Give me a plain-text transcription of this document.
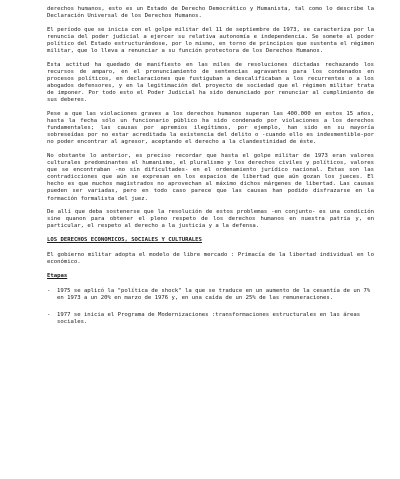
derechos humanos, esto es un Estado de Derecho Democrático y Humanista, tal como lo describe la Declaración Universal de los Derechos Humanos.

El período que se inicia con el golpe militar del 11 de septiembre de 1973, se caracteriza por la renuncia del poder judicial a ejercer su relativa autonomía e independencia. Se somete al poder político del Estado estructurándose, por lo mismo, en torno de principios que sustenta el régimen militar, que lo lleva a renunciar a su función protectora de los Derechos Humanos.

Esta actitud ha quedado de manifiesto en las miles de resoluciones dictadas rechazando los recursos de amparo, en el pronunciamiento de sentencias agravantes para los condenados en procesos políticos, en declaraciones que fustiguban a descalificaban a los recurrentes o a los abogados defensores, y en la legitimación del proyecto de sociedad que el régimen militar trata de imponer. Por todo esto el Poder Judicial ha sido denunciado por renunciar al cumplimiento de sus deberes.

Pese a que las violaciones graves a los derechos humanos superan las 400.000 en estos 15 años, hasta la fecha sólo un funcionario público ha sido condenado por violaciones a los derechos fundamentales; las causas por apremios ilegítimos, por ejemplo, han sido en su mayoría sobreseídas por no estar acreditada la existencia del delito o -cuando ello es indesmentible-por no poder encontrar al agresor, aceptando el derecho a la clandestinidad de éste.

No obstante lo anterior, es preciso recordar que hasta el golpe militar de 1973 eran valores culturales predominantes el humanismo, el pluralismo y los derechos civiles y políticos, valores que se encontraban -no sin dificultades- en el ordenamiento jurídico nacional. Estas son las contradicciones que aún se expresan en los espacios de libertad que aún gozan los jueces. El hecho es que muchos magistrados no aprovechan al máximo dichos márgenes de libertad. Las causas pueden ser variadas, pero en todo caso parece que las causas han podido disfrazarse en la formación formalista del juez.

De allí que deba sostenerse que la resolución de estos problemas -en conjunto- es una condición sine quanon para obtener el pleno respeto de los derechos humanos en nuestra patria y, en particular, el respeto al derecho a la justicia y a la defensa.

LOS DERECHOS ECONOMICOS, SOCIALES Y CULTURALES

El gobierno militar adopta el modelo de libre mercado : Primacía de la libertad individual en lo económico.

Etapas
- 1975 se aplicó la "política de shock" la que se traduce en un aumento de la cesantía de un 7% en 1973 a un 20% en marzo de 1976 y, en una caída de un 25% de las remuneraciones.
- 1977 se inicia el Programa de Modernizaciones :transformaciones estructurales en las áreas sociales.
